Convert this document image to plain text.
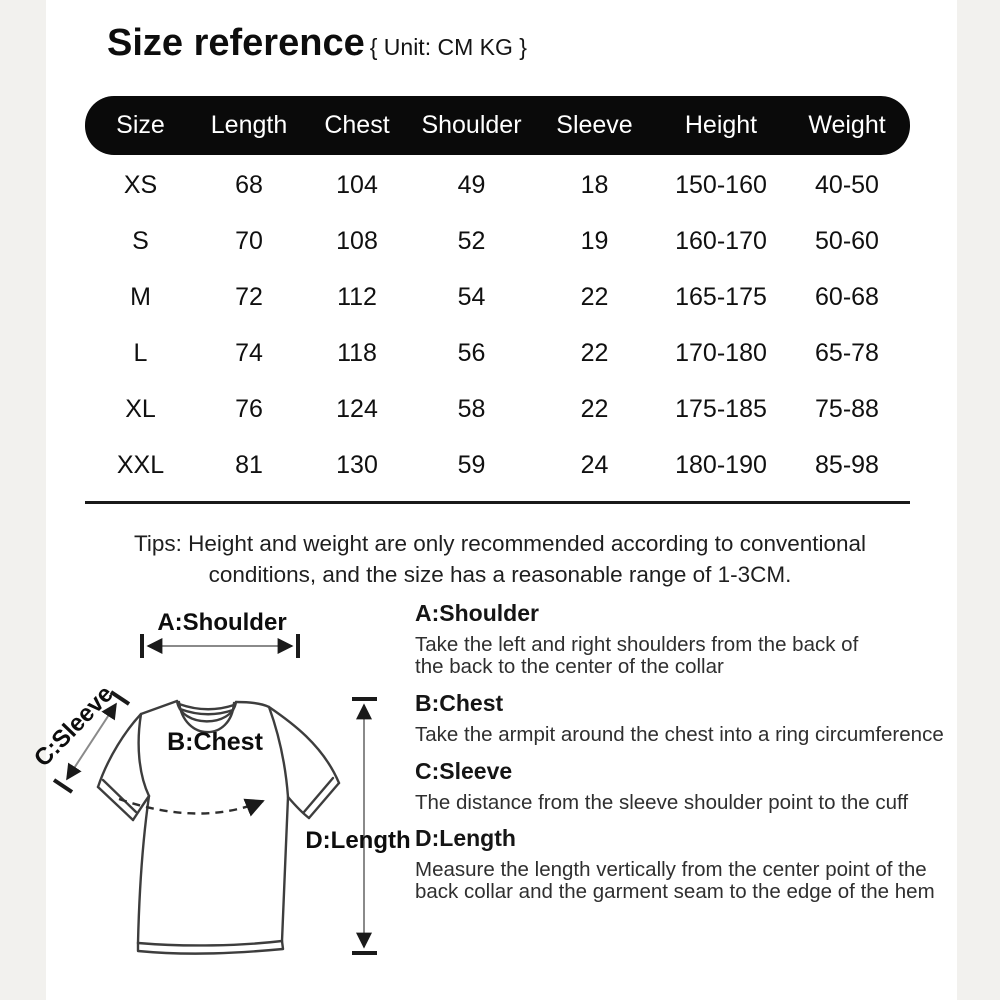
Size reference { Unit: CM KG }
Size	Length	Chest	Shoulder	Sleeve	Height	Weight
XS	68	104	49	18	150-160	40-50
S	70	108	52	19	160-170	50-60
M	72	112	54	22	165-175	60-68
L	74	118	56	22	170-180	65-78
XL	76	124	58	22	175-185	75-88
XXL	81	130	59	24	180-190	85-98
Tips: Height and weight are only recommended according to conventional
conditions, and the size has a reasonable range of 1-3CM.
A:Shoulder
B:Chest
C:Sleeve
D:Length
A:Shoulder

Take the left and right shoulders from the back of the back to the center of the collar

B:Chest

Take the armpit around the chest into a ring circumference

C:Sleeve

The distance from the sleeve shoulder point to the cuff

D:Length

Measure the length vertically from the center point of the back collar and the garment seam to the edge of the hem
